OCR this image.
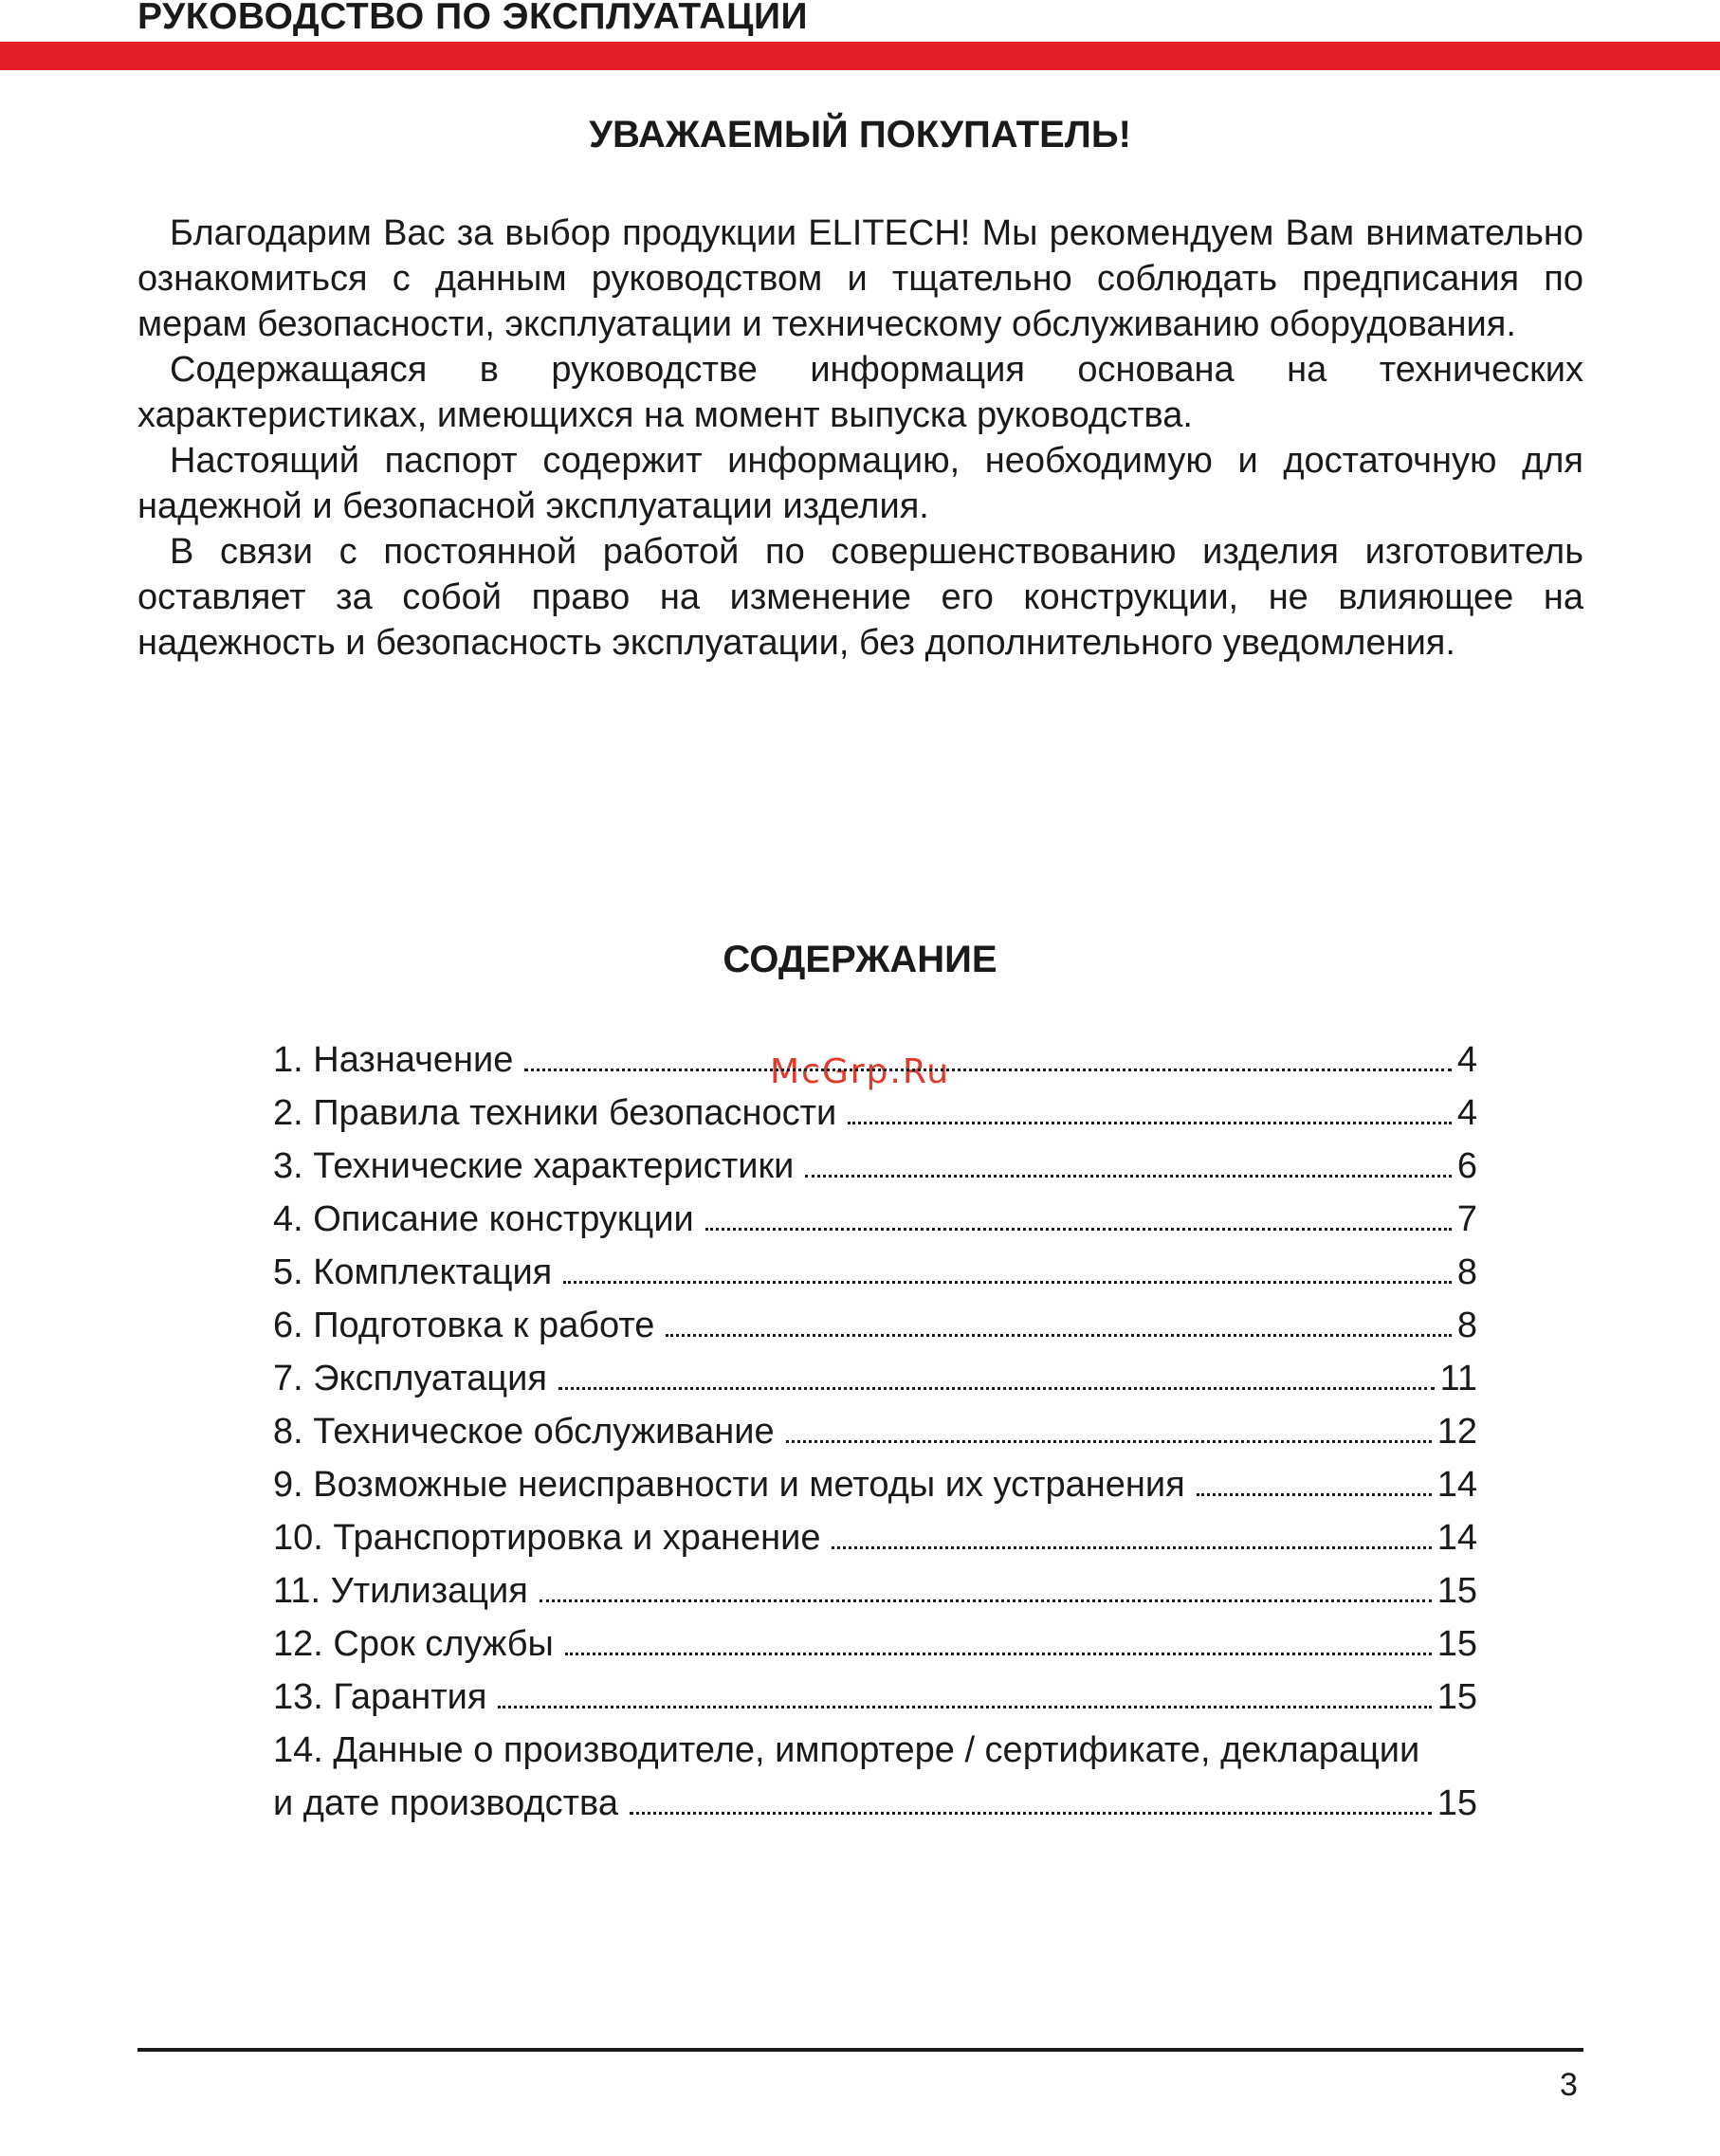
РУКОВОДСТВО ПО ЭКСПЛУАТАЦИИ
УВАЖАЕМЫЙ ПОКУПАТЕЛЬ!

Благодарим Вас за выбор продукции ELITECH! Мы рекомендуем Вам внимательно ознакомиться с данным руководством и тщательно соблюдать предписания по мерам безопасности, эксплуатации и техническому обслуживанию оборудования.

Содержащаяся в руководстве информация основана на технических характеристиках, имеющихся на момент выпуска руководства.

Настоящий паспорт содержит информацию, необходимую и достаточную для надежной и безопасной эксплуатации изделия.

В связи с постоянной работой по совершенствованию изделия изготовитель оставляет за собой право на изменение его конструкции, не влияющее на надежность и безопасность эксплуатации, без дополнительного уведомления.

СОДЕРЖАНИЕ
McGrp.Ru
1. Назначение	4
2. Правила техники безопасности	4
3. Технические характеристики	6
4. Описание конструкции	7
5. Комплектация	8
6. Подготовка к работе	8
7. Эксплуатация	11
8. Техническое обслуживание	12
9. Возможные неисправности и методы их устранения	14
10. Транспортировка и хранение	14
11. Утилизация	15
12. Срок службы	15
13. Гарантия	15
14. Данные о производителе, импортере / сертификате, декларации
и дате производства	15
3
